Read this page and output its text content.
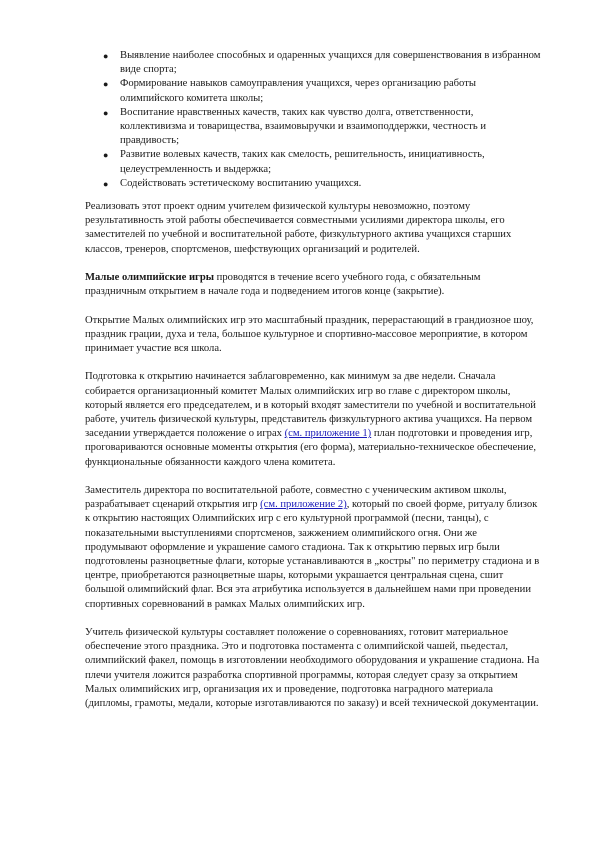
● Выявление наиболее способных и одаренных учащихся для совершенствования в избранном виде спорта;
● Формирование навыков самоуправления учащихся, через организацию работы олимпийского комитета школы;
● Воспитание нравственных качеств, таких как чувство долга, ответственности, коллективизма и товарищества, взаимовыручки и взаимоподдержки, честность и правдивость;
● Развитие волевых качеств, таких как смелость, решительность, инициативность, целеустремленность и выдержка;
● Содействовать эстетическому воспитанию учащихся.

Реализовать этот проект одним учителем физической культуры невозможно, поэтому результативность этой работы обеспечивается совместными усилиями директора школы, его заместителей по учебной и воспитательной работе, физкультурного актива учащихся старших классов, тренеров, спортсменов, шефствующих организаций и родителей.

Малые олимпийские игры проводятся в течение всего учебного года, с обязательным праздничным открытием в начале года и подведением итогов конце (закрытие).

Открытие Малых олимпийских игр это масштабный праздник, перерастающий в грандиозное шоу, праздник грации, духа и тела, большое культурное и спортивно-массовое мероприятие, в котором принимает участие вся школа.

Подготовка к открытию начинается заблаговременно, как минимум за две недели. Сначала собирается организационный комитет Малых олимпийских игр во главе с директором школы, который является его председателем, и в который входят заместители по учебной и воспитательной работе, учитель физической культуры, представитель физкультурного актива учащихся. На первом заседании утверждается положение о играх (см. приложение 1) план подготовки и проведения игр, проговариваются основные моменты открытия (его форма), материально-техническое обеспечение, функциональные обязанности каждого члена комитета.

Заместитель директора по воспитательной работе, совместно с ученическим активом школы, разрабатывает сценарий открытия игр (см. приложение 2), который по своей форме, ритуалу близок к открытию настоящих Олимпийских игр с его культурной программой (песни, танцы), с показательными выступлениями спортсменов, зажжением олимпийского огня. Они же продумывают оформление и украшение самого стадиона. Так к открытию первых игр были подготовлены разноцветные флаги, которые устанавливаются в „костры" по периметру стадиона и в центре, приобретаются разноцветные шары, которыми украшается центральная сцена, сшит большой олимпийский флаг. Вся эта атрибутика используется в дальнейшем нами при проведении спортивных соревнований в рамках Малых олимпийских игр.

Учитель физической культуры составляет положение о соревнованиях, готовит материальное обеспечение этого праздника. Это и подготовка постамента с олимпийской чашей, пьедестал, олимпийский факел, помощь в изготовлении необходимого оборудования и украшение стадиона. На плечи учителя ложится разработка спортивной программы, которая следует сразу за открытием Малых олимпийских игр, организация их и проведение, подготовка наградного материала (дипломы, грамоты, медали, которые изготавливаются по заказу) и всей технической документации.
